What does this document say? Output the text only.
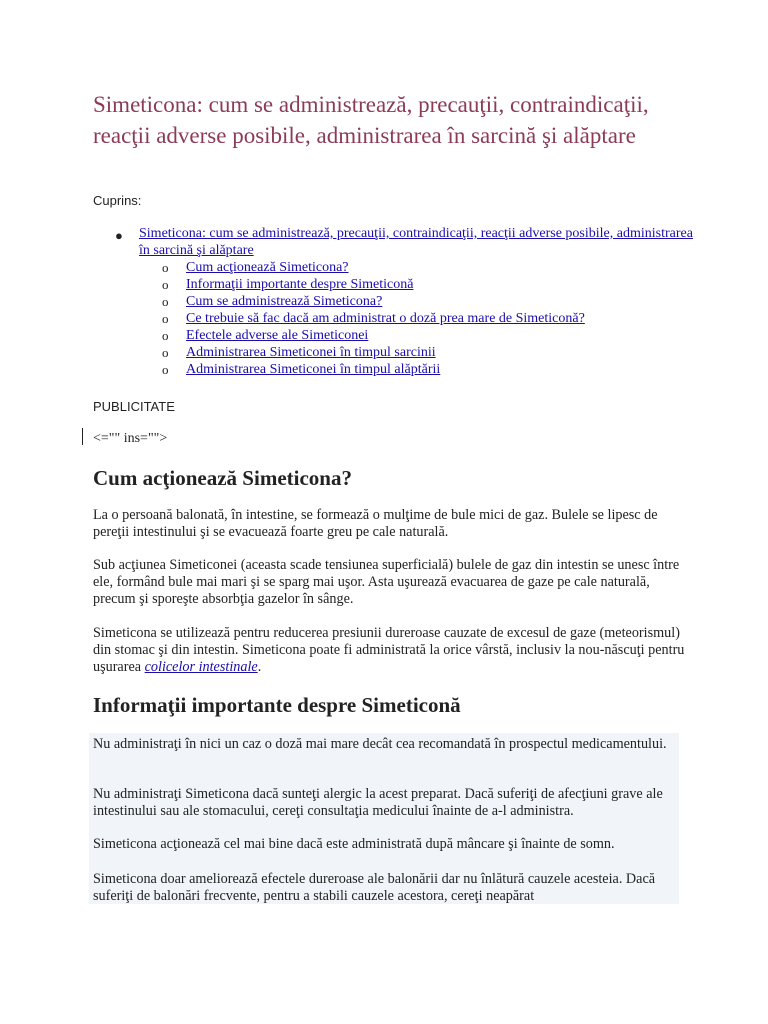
Simeticona: cum se administrează, precauţii, contraindicaţii, reacţii adverse posibile, administrarea în sarcină şi alăptare
Cuprins:
● Simeticona: cum se administrează, precauţii, contraindicaţii, reacţii adverse posibile, administrarea în sarcină şi alăptare
o Cum acţionează Simeticona?
o Informaţii importante despre Simeticonă
o Cum se administrează Simeticona?
o Ce trebuie să fac dacă am administrat o doză prea mare de Simeticonă?
o Efectele adverse ale Simeticonei
o Administrarea Simeticonei în timpul sarcinii
o Administrarea Simeticonei în timpul alăptării
PUBLICITATE
<="" ins="">
Cum acţionează Simeticona?

La o persoană balonată, în intestine, se formează o mulţime de bule mici de gaz. Bulele se lipesc de pereţii intestinului şi se evacuează foarte greu pe cale naturală.

Sub acţiunea Simeticonei (aceasta scade tensiunea superficială) bulele de gaz din intestin se unesc între ele, formând bule mai mari şi se sparg mai uşor. Asta uşurează evacuarea de gaze pe cale naturală, precum şi sporeşte absorbţia gazelor în sânge.

Simeticona se utilizează pentru reducerea presiunii dureroase cauzate de excesul de gaze (meteorismul) din stomac şi din intestin. Simeticona poate fi administrată la orice vârstă, inclusiv la nou-născuţi pentru uşurarea colicelor intestinale.

Informaţii importante despre Simeticonă

Nu administraţi în nici un caz o doză mai mare decât cea recomandată în prospectul medicamentului.

Nu administraţi Simeticona dacă sunteţi alergic la acest preparat. Dacă suferiţi de afecţiuni grave ale intestinului sau ale stomacului, cereţi consultaţia medicului înainte de a-l administra.

Simeticona acţionează cel mai bine dacă este administrată după mâncare şi înainte de somn.

Simeticona doar ameliorează efectele dureroase ale balonării dar nu înlătură cauzele acesteia. Dacă suferiţi de balonări frecvente, pentru a stabili cauzele acestora, cereţi neapărat
